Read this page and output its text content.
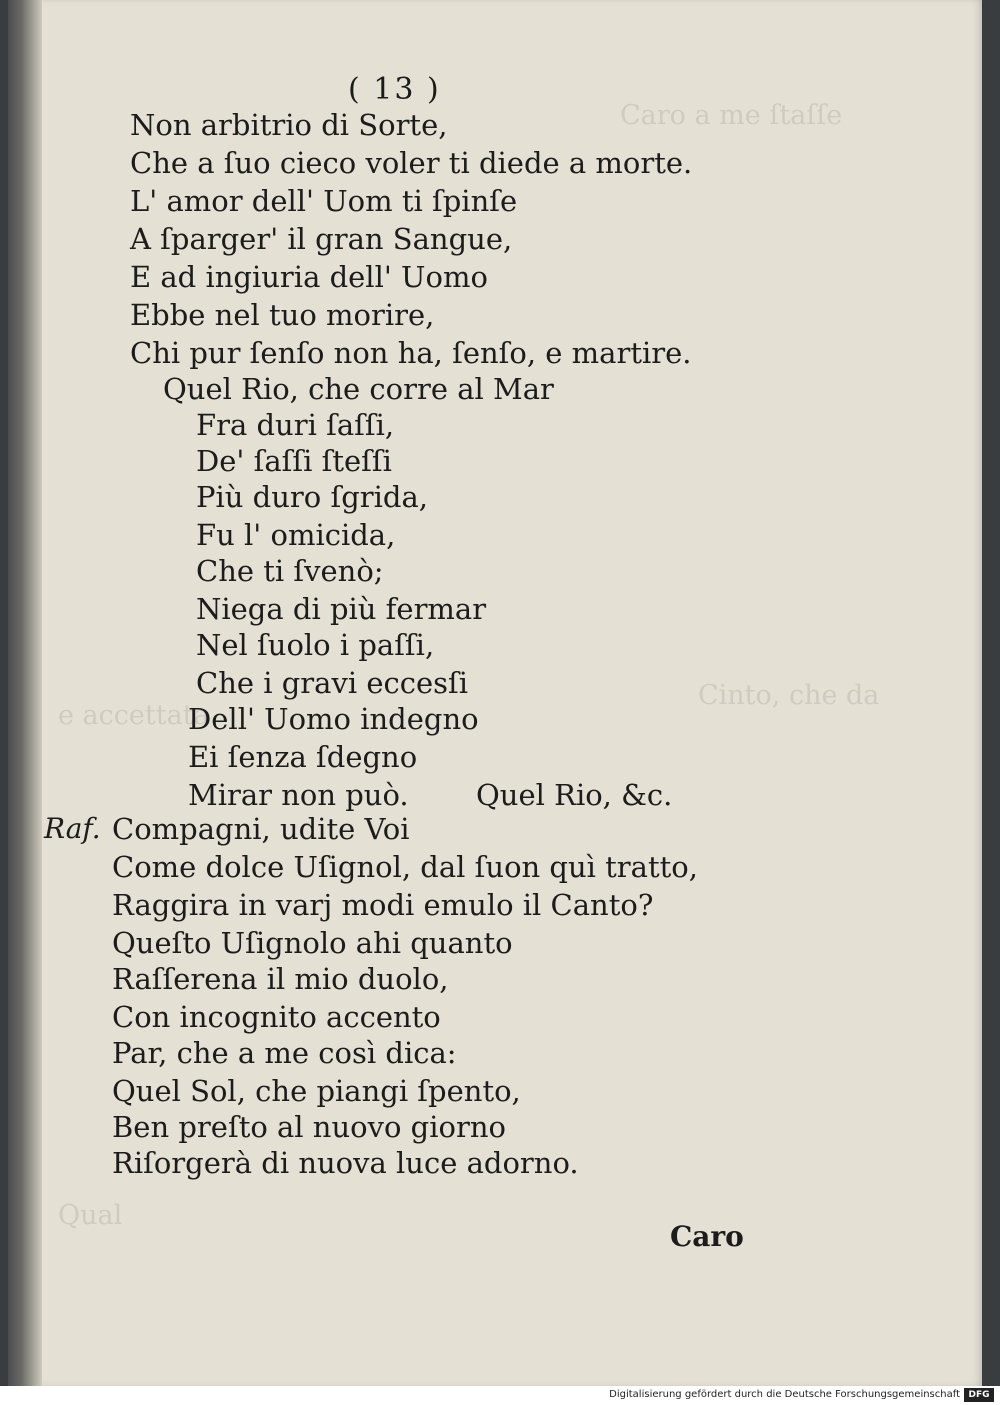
Caro a me ſtaſſe
Cinto, che da
e accettata
Qual
( 13 )
Non arbitrio di Sorte,
Che a ſuo cieco voler ti diede a morte.
L' amor dell' Uom ti ſpinſe
A ſparger' il gran Sangue,
E ad ingiuria dell' Uomo
Ebbe nel tuo morire,
Chi pur ſenſo non ha, ſenſo, e martire.
Quel Rio, che corre al Mar
Fra duri ſaſſi,
De' ſaſſi ſteſſi
Più duro ſgrida,
Fu l' omicida,
Che ti ſvenò;
Niega di più fermar
Nel ſuolo i paſſi,
Che i gravi eccesſi
Dell' Uomo indegno
Ei ſenza ſdegno
Mirar non può. Quel Rio, &c.
Raf. Compagni, udite Voi
Come dolce Uſignol, dal ſuon quì tratto,
Raggira in varj modi emulo il Canto?
Queſto Uſignolo ahi quanto
Raſſerena il mio duolo,
Con incognito accento
Par, che a me così dica:
Quel Sol, che piangi ſpento,
Ben preſto al nuovo giorno
Riſorgerà di nuova luce adorno.
Caro
Digitalisierung gefördert durch die Deutsche Forschungsgemeinschaft DFG
